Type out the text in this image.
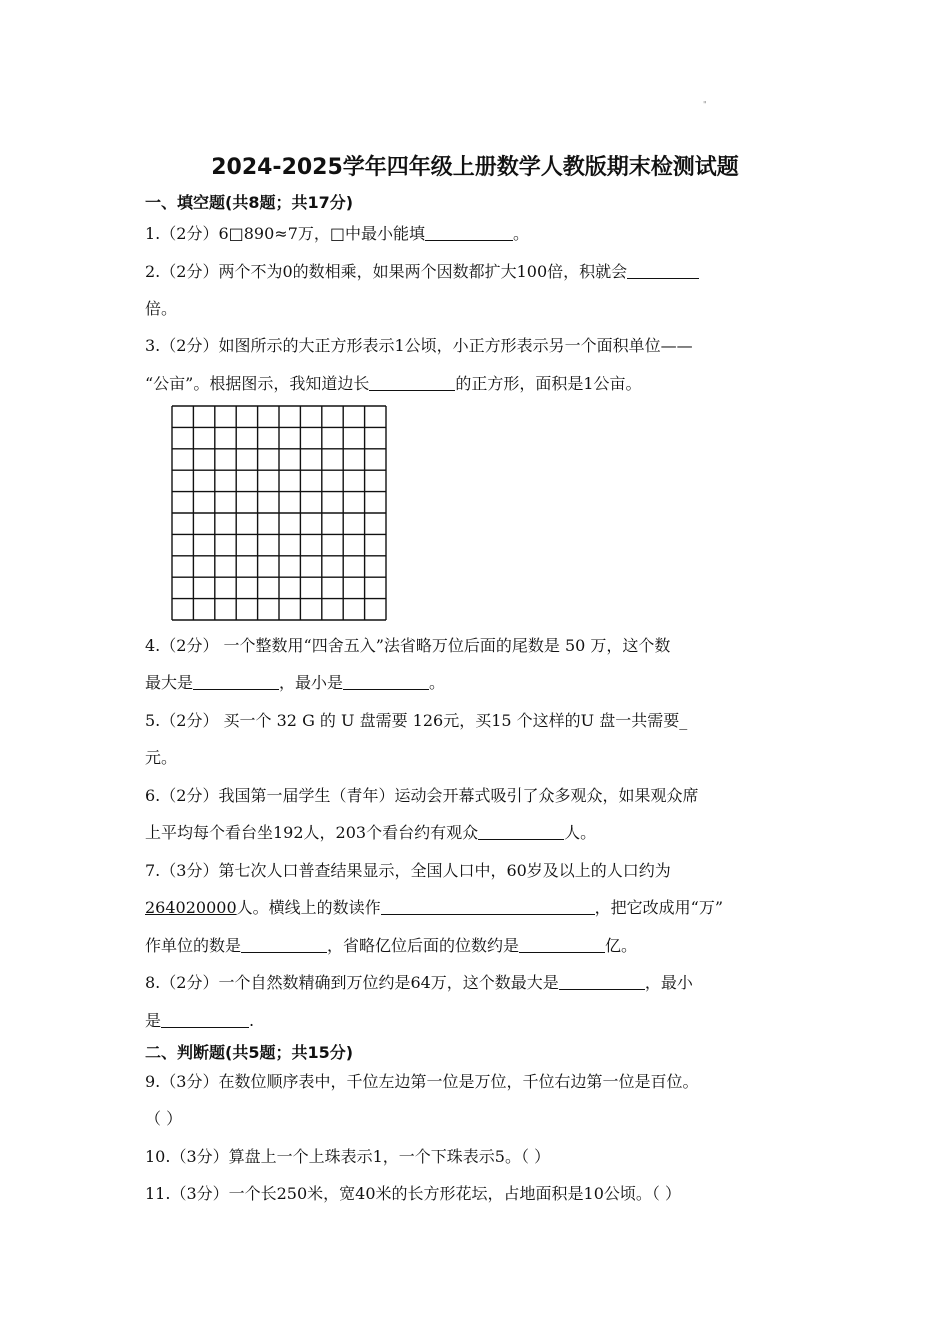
"
2024-2025学年四年级上册数学人教版期末检测试题
一、填空题(共8题；共17分)
1.（2分）6□890≈7万，□中最小能填	。
2.（2分）两个不为0的数相乘，如果两个因数都扩大100倍，积就会
倍。
3.（2分）如图所示的大正方形表示1公顷，小正方形表示另一个面积单位——
“公亩”。根据图示，我知道边长	的正方形，面积是1公亩。
4.（2分） 一个整数用“四舍五入”法省略万位后面的尾数是 50 万，这个数
最大是	，最小是	。
5.（2分） 买一个 32 G 的 U 盘需要 126元，买15 个这样的U 盘一共需要_
元。
6.（2分）我国第一届学生（青年）运动会开幕式吸引了众多观众，如果观众席
上平均每个看台坐192人，203个看台约有观众	人。
7.（3分）第七次人口普查结果显示，全国人口中，60岁及以上的人口约为
264020000人。横线上的数读作	，把它改成用“万”
作单位的数是	，省略亿位后面的位数约是	亿。
8.（2分）一个自然数精确到万位约是64万，这个数最大是	，最小
是	.
二、判断题(共5题；共15分)
9.（3分）在数位顺序表中，千位左边第一位是万位，千位右边第一位是百位。
（ ）
10.（3分）算盘上一个上珠表示1，一个下珠表示5。（ ）
11.（3分）一个长250米，宽40米的长方形花坛，占地面积是10公顷。（ ）
